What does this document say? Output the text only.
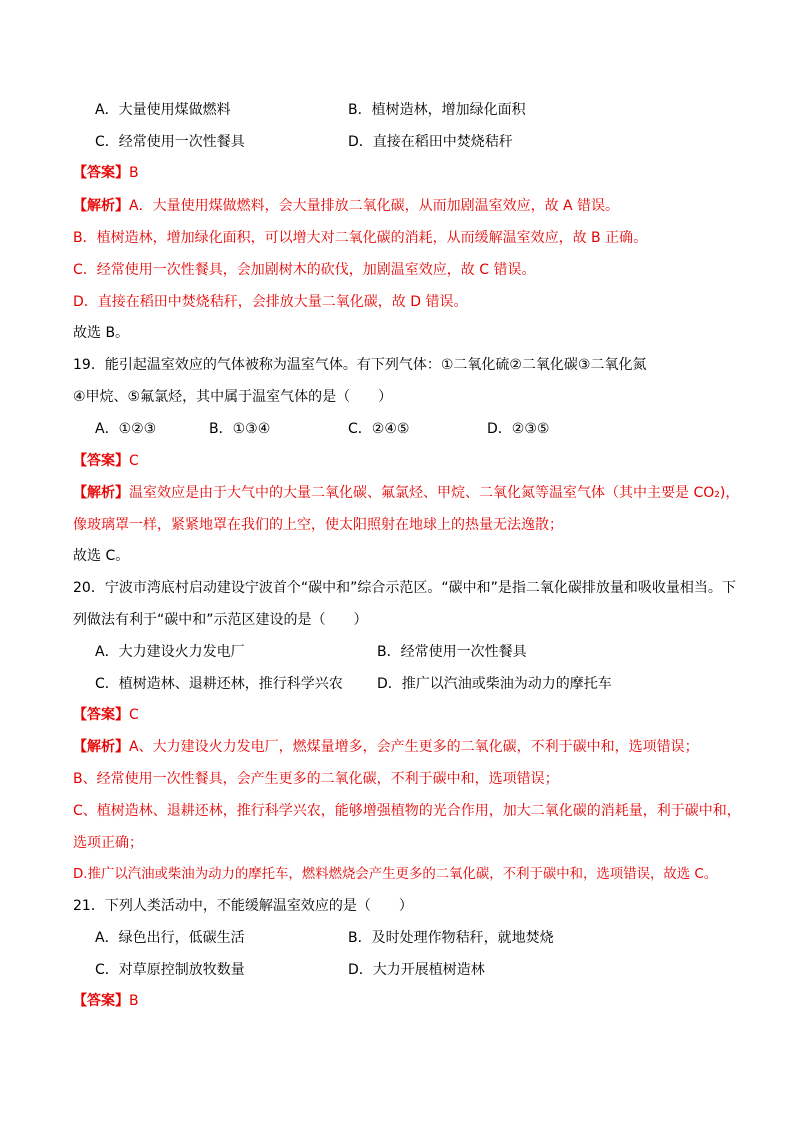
A．大量使用煤做燃料	B．植树造林，增加绿化面积
C．经常使用一次性餐具	D．直接在稻田中焚烧秸秆
【答案】B
【解析】A．大量使用煤做燃料，会大量排放二氧化碳，从而加剧温室效应，故 A 错误。
B．植树造林，增加绿化面积，可以增大对二氧化碳的消耗，从而缓解温室效应，故 B 正确。
C．经常使用一次性餐具，会加剧树木的砍伐，加剧温室效应，故 C 错误。
D．直接在稻田中焚烧秸秆，会排放大量二氧化碳，故 D 错误。
故选 B。
19．能引起温室效应的气体被称为温室气体。有下列气体：①二氧化硫②二氧化碳③二氧化氮
④甲烷、⑤氟氯烃，其中属于温室气体的是（　　）
A．①②③	B．①③④	C．②④⑤	D．②③⑤
【答案】C
【解析】温室效应是由于大气中的大量二氧化碳、氟氯烃、甲烷、二氧化氮等温室气体（其中主要是 CO₂)，
像玻璃罩一样，紧紧地罩在我们的上空，使太阳照射在地球上的热量无法逸散；
故选 C。
20．宁波市湾底村启动建设宁波首个“碳中和”综合示范区。“碳中和”是指二氧化碳排放量和吸收量相当。下
列做法有利于“碳中和”示范区建设的是（　　）
A．大力建设火力发电厂	B．经常使用一次性餐具
C．植树造林、退耕还林，推行科学兴农 D．推广以汽油或柴油为动力的摩托车
【答案】C
【解析】A、大力建设火力发电厂，燃煤量增多，会产生更多的二氧化碳，不利于碳中和，选项错误；
B、经常使用一次性餐具，会产生更多的二氧化碳，不利于碳中和，选项错误；
C、植树造林、退耕还林，推行科学兴农，能够增强植物的光合作用，加大二氧化碳的消耗量，利于碳中和，
选项正确；
D.推广以汽油或柴油为动力的摩托车，燃料燃烧会产生更多的二氧化碳，不利于碳中和，选项错误，故选 C。
21．下列人类活动中，不能缓解温室效应的是（　　）
A．绿色出行，低碳生活	B．及时处理作物秸秆，就地焚烧
C．对草原控制放牧数量	D．大力开展植树造林
【答案】B
